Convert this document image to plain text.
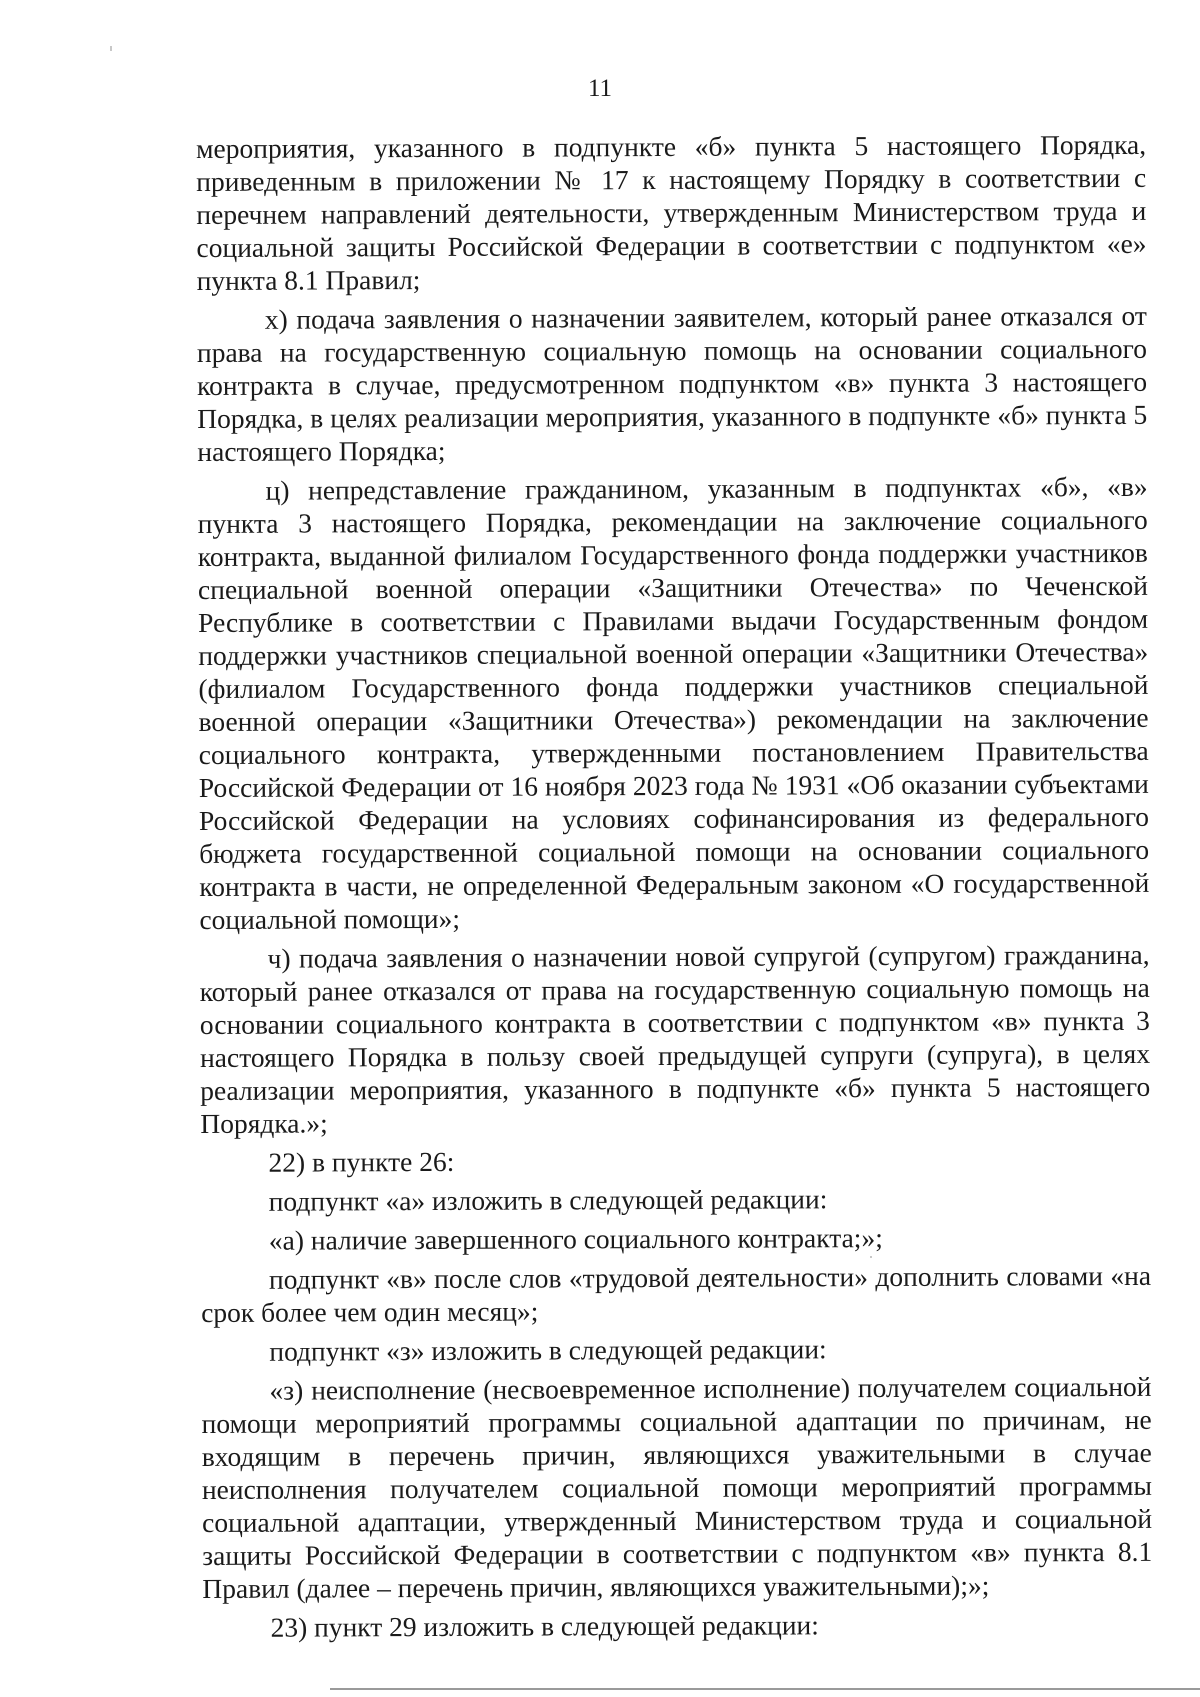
11

мероприятия, указанного в подпункте «б» пункта 5 настоящего Порядка, приведенным в приложении № 17 к настоящему Порядку в соответствии с перечнем направлений деятельности, утвержденным Министерством труда и социальной защиты Российской Федерации в соответствии с подпунктом «е» пункта 8.1 Правил;

х) подача заявления о назначении заявителем, который ранее отказался от права на государственную социальную помощь на основании социального контракта в случае, предусмотренном подпунктом «в» пункта 3 настоящего Порядка, в целях реализации мероприятия, указанного в подпункте «б» пункта 5 настоящего Порядка;

ц) непредставление гражданином, указанным в подпунктах «б», «в» пункта 3 настоящего Порядка, рекомендации на заключение социального контракта, выданной филиалом Государственного фонда поддержки участников специальной военной операции «Защитники Отечества» по Чеченской Республике в соответствии с Правилами выдачи Государственным фондом поддержки участников специальной военной операции «Защитники Отечества» (филиалом Государственного фонда поддержки участников специальной военной операции «Защитники Отечества») рекомендации на заключение социального контракта, утвержденными постановлением Правительства Российской Федерации от 16 ноября 2023 года № 1931 «Об оказании субъектами Российской Федерации на условиях софинансирования из федерального бюджета государственной социальной помощи на основании социального контракта в части, не определенной Федеральным законом «О государственной социальной помощи»;

ч) подача заявления о назначении новой супругой (супругом) гражданина, который ранее отказался от права на государственную социальную помощь на основании социального контракта в соответствии с подпунктом «в» пункта 3 настоящего Порядка в пользу своей предыдущей супруги (супруга), в целях реализации мероприятия, указанного в подпункте «б» пункта 5 настоящего Порядка.»;

22) в пункте 26:

подпункт «а» изложить в следующей редакции:

«а) наличие завершенного социального контракта;»;

подпункт «в» после слов «трудовой деятельности» дополнить словами «на срок более чем один месяц»;

подпункт «з» изложить в следующей редакции:

«з) неисполнение (несвоевременное исполнение) получателем социальной помощи мероприятий программы социальной адаптации по причинам, не входящим в перечень причин, являющихся уважительными в случае неисполнения получателем социальной помощи мероприятий программы социальной адаптации, утвержденный Министерством труда и социальной защиты Российской Федерации в соответствии с подпунктом «в» пункта 8.1 Правил (далее – перечень причин, являющихся уважительными);»;

23) пункт 29 изложить в следующей редакции:
